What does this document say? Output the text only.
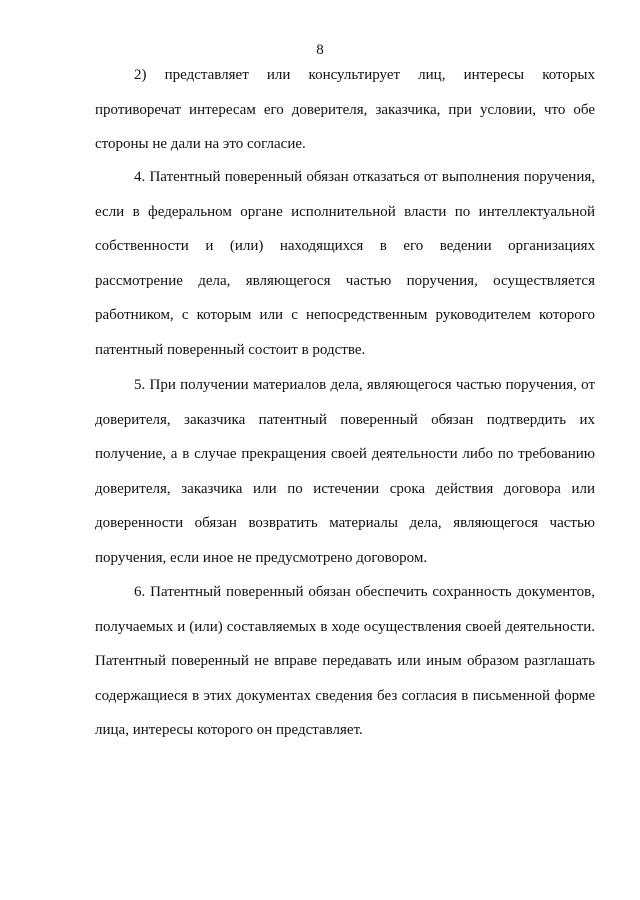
8

2) представляет или консультирует лиц, интересы которых противоречат интересам его доверителя, заказчика, при условии, что обе стороны не дали на это согласие.

4. Патентный поверенный обязан отказаться от выполнения поручения, если в федеральном органе исполнительной власти по интеллектуальной собственности и (или) находящихся в его ведении организациях рассмотрение дела, являющегося частью поручения, осуществляется работником, с которым или с непосредственным руководителем которого патентный поверенный состоит в родстве.

5. При получении материалов дела, являющегося частью поручения, от доверителя, заказчика патентный поверенный обязан подтвердить их получение, а в случае прекращения своей деятельности либо по требованию доверителя, заказчика или по истечении срока действия договора или доверенности обязан возвратить материалы дела, являющегося частью поручения, если иное не предусмотрено договором.

6. Патентный поверенный обязан обеспечить сохранность документов, получаемых и (или) составляемых в ходе осуществления своей деятельности. Патентный поверенный не вправе передавать или иным образом разглашать содержащиеся в этих документах сведения без согласия в письменной форме лица, интересы которого он представляет.
